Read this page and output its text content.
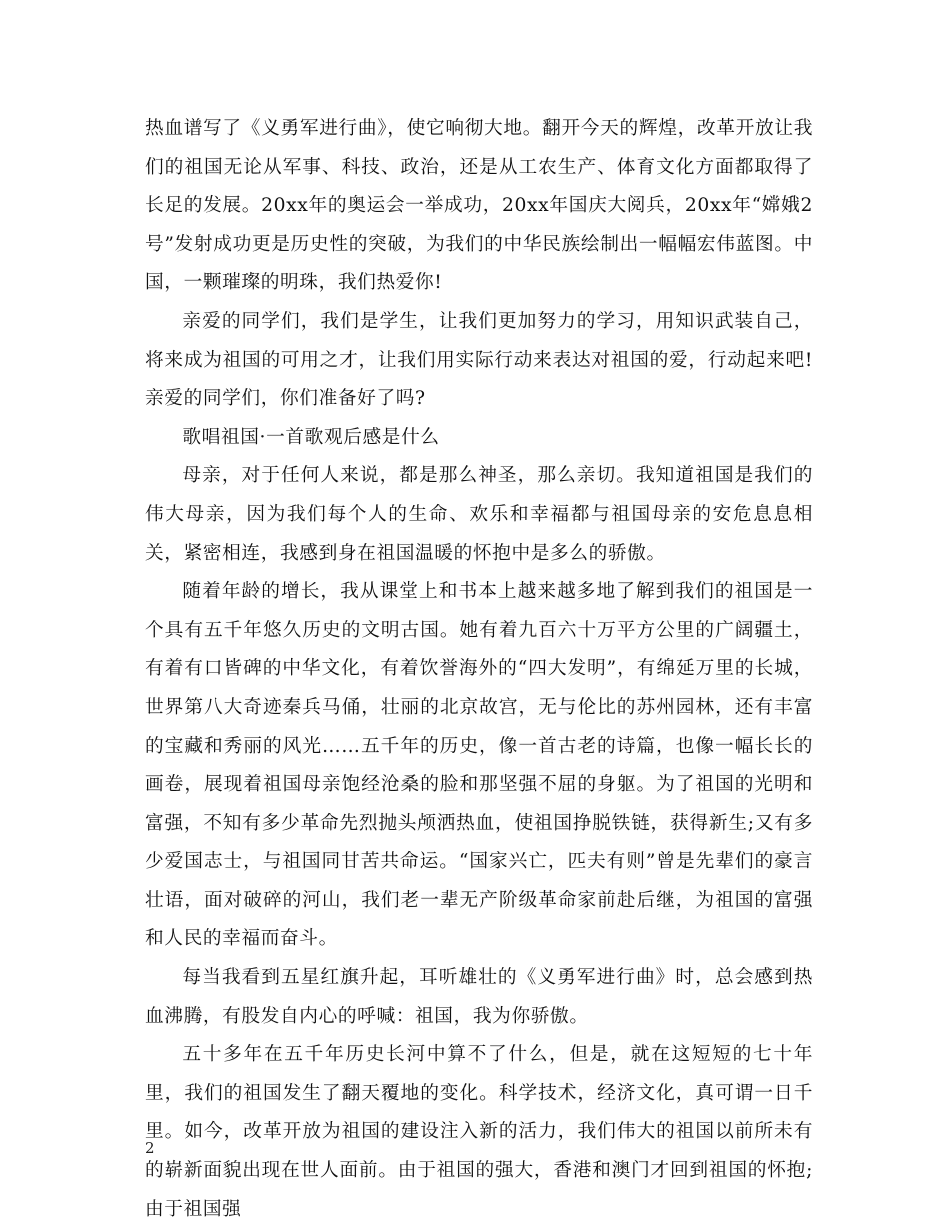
热血谱写了《义勇军进行曲》，使它响彻大地。翻开今天的辉煌，改革开放让我们的祖国无论从军事、科技、政治，还是从工农生产、体育文化方面都取得了长足的发展。20xx年的奥运会一举成功，20xx年国庆大阅兵，20xx年“嫦娥2号”发射成功更是历史性的突破，为我们的中华民族绘制出一幅幅宏伟蓝图。中国，一颗璀璨的明珠，我们热爱你!

亲爱的同学们，我们是学生，让我们更加努力的学习，用知识武装自己，将来成为祖国的可用之才，让我们用实际行动来表达对祖国的爱，行动起来吧!亲爱的同学们，你们准备好了吗?

歌唱祖国·一首歌观后感是什么

母亲，对于任何人来说，都是那么神圣，那么亲切。我知道祖国是我们的伟大母亲，因为我们每个人的生命、欢乐和幸福都与祖国母亲的安危息息相关，紧密相连，我感到身在祖国温暖的怀抱中是多么的骄傲。

随着年龄的增长，我从课堂上和书本上越来越多地了解到我们的祖国是一个具有五千年悠久历史的文明古国。她有着九百六十万平方公里的广阔疆土，有着有口皆碑的中华文化，有着饮誉海外的“四大发明”，有绵延万里的长城，世界第八大奇迹秦兵马俑，壮丽的北京故宫，无与伦比的苏州园林，还有丰富的宝藏和秀丽的风光……五千年的历史，像一首古老的诗篇，也像一幅长长的画卷，展现着祖国母亲饱经沧桑的脸和那坚强不屈的身躯。为了祖国的光明和富强，不知有多少革命先烈抛头颅洒热血，使祖国挣脱铁链，获得新生;又有多少爱国志士，与祖国同甘苦共命运。“国家兴亡，匹夫有则”曾是先辈们的豪言壮语，面对破碎的河山，我们老一辈无产阶级革命家前赴后继，为祖国的富强和人民的幸福而奋斗。

每当我看到五星红旗升起，耳听雄壮的《义勇军进行曲》时，总会感到热血沸腾，有股发自内心的呼喊：祖国，我为你骄傲。

五十多年在五千年历史长河中算不了什么，但是，就在这短短的七十年里，我们的祖国发生了翻天覆地的变化。科学技术，经济文化，真可谓一日千里。如今，改革开放为祖国的建设注入新的活力，我们伟大的祖国以前所未有的崭新面貌出现在世人面前。由于祖国的强大，香港和澳门才回到祖国的怀抱;由于祖国强

2
